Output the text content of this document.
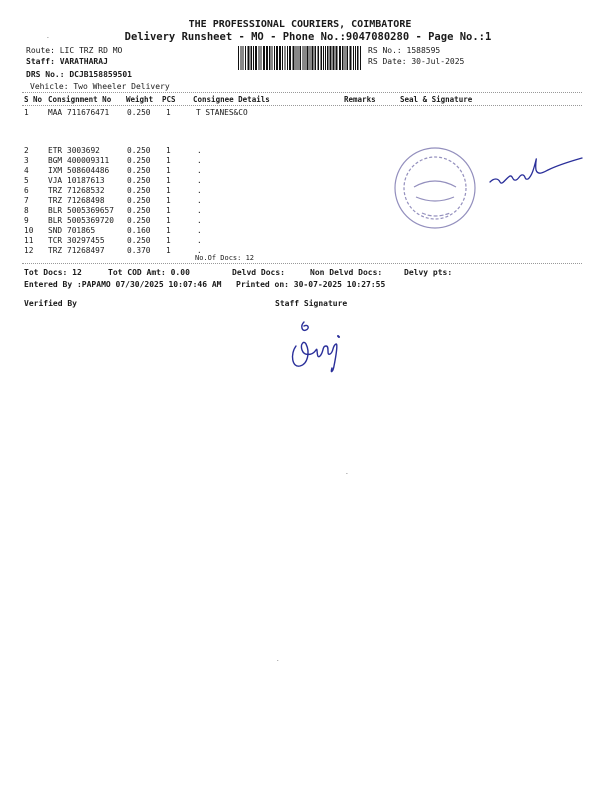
THE PROFESSIONAL COURIERS, COIMBATORE
Delivery Runsheet - MO - Phone No.:9047080280 - Page No.:1
-
Route: LIC TRZ RD MO
Staff: VARATHARAJ
DRS No.: DCJB158859501
Vehicle: Two Wheeler Delivery
RS No.: 1588595
RS Date: 30-Jul-2025
S No Consignment No Weight PCS Consignee Details	Remarks	Seal & Signature
1 MAA 711676471 0.250 1	T STANES&CO
2 ETR 3003692	0.250 1	.
3 BGM 400009311 0.250 1	.
4 IXM 508604486 0.250 1	.
5 VJA 10187613	0.250 1	.
6 TRZ 71268532	0.250 1	.
7 TRZ 71268498	0.250 1	.
8 BLR 5005369657 0.250 1	.
9 BLR 5005369720 0.250 1	.
10 SND 701865	0.160 1	.
11 TCR 30297455	0.250 1	.
12 TRZ 71268497	0.370 1	.
No.Of Docs: 12
Tot Docs: 12	Tot COD Amt: 0.00	Delvd Docs:	Non Delvd Docs:	Delvy pts:
Entered By :PAPAMO 07/30/2025 10:07:46 AM Printed on: 30-07-2025 10:27:55
Verified By	Staff Signature
-
.
